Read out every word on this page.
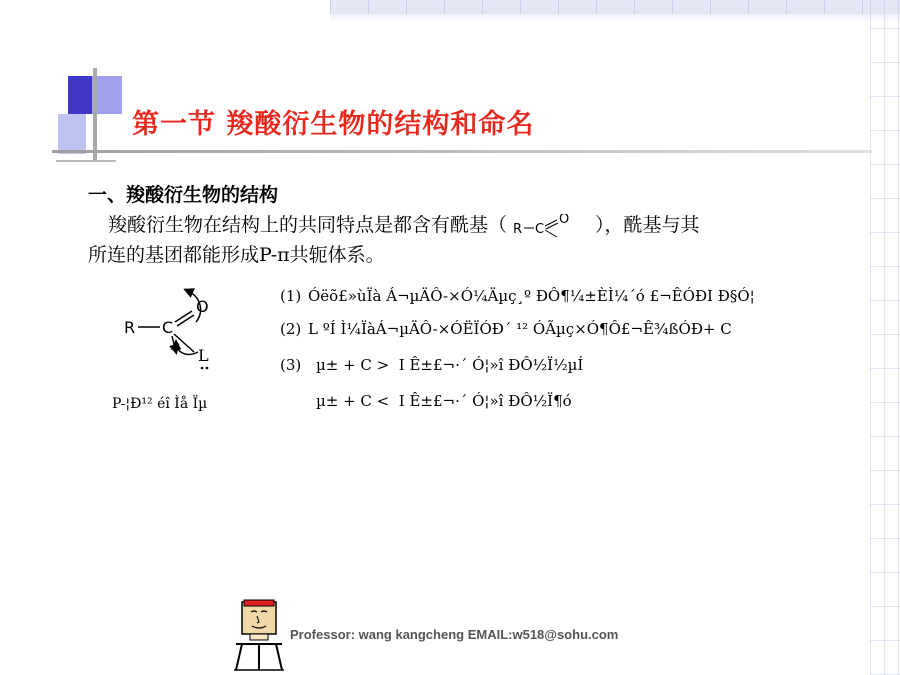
第一节 羧酸衍生物的结构和命名
一、羧酸衍生物的结构
羧酸衍生物在结构上的共同特点是都含有酰基（ R C
O ），酰基与其
所连的基团都能形成P-π共轭体系。
R C
O
L
P-¦Ð¹² éî Ìå Ïµ
(1) Óëõ£»ùÏà Á¬µÄÔ-×Ó¼Äµç¸º ÐÔ¶¼±ÈÌ¼´ó £¬ÊÓÐI Ð§Ó¦
(2) L ºÍ Ì¼ÏàÁ¬µÄÔ-×ÓËÏÓÐ´ ¹² ÓÃµç×Ó¶Ô£¬Ê¾ßÓÐ+ C
(3) µ± + C > I Ê±£¬·´ Ó¦»î ÐÔ½Ï½µÍ
µ± + C < I Ê±£¬·´ Ó¦»î ÐÔ½Ï¶ó
Professor: wang kangcheng EMAIL:w518@sohu.com
